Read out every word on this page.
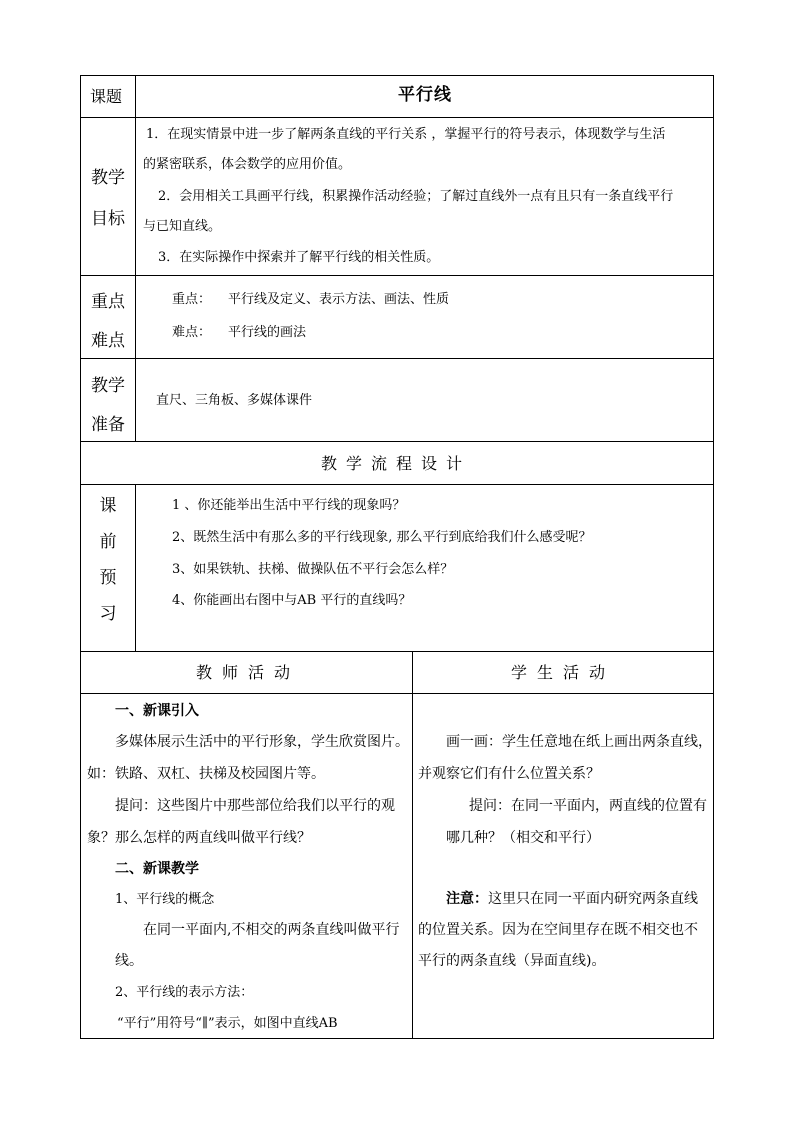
课题	平行线
教学
目标
1．在现实情景中进一步了解两条直线的平行关系 ，掌握平行的符号表示，体现数学与生活
的紧密联系，体会数学的应用价值。
2．会用相关工具画平行线，积累操作活动经验；了解过直线外一点有且只有一条直线平行
与已知直线。
3．在实际操作中探索并了解平行线的相关性质。
重点
难点
重点： 平行线及定义、表示方法、画法、性质
难点： 平行线的画法
教学
准备
直尺、三角板、多媒体课件
教学流程设计
课
前
预
习
1 、你还能举出生活中平行线的现象吗？
2、既然生活中有那么多的平行线现象, 那么平行到底给我们什么感受呢？
3、如果铁轨、扶梯、做操队伍不平行会怎么样？
4、你能画出右图中与AB 平行的直线吗？
教师活动	学生活动
一、新课引入
多媒体展示生活中的平行形象，学生欣赏图片。
如：铁路、双杠、扶梯及校园图片等。
提问：这些图片中那些部位给我们以平行的观
象？那么怎样的两直线叫做平行线？
二、新课教学
1、平行线的概念
在同一平面内,不相交的两条直线叫做平行
线。
2、平行线的表示方法：
“平行”用符号“∥”表示，如图中直线AB
画一画：学生任意地在纸上画出两条直线，
并观察它们有什么位置关系？
提问：在同一平面内，两直线的位置有
哪几种？（相交和平行）
注意： 这里只在同一平面内研究两条直线
的位置关系。因为在空间里存在既不相交也不
平行的两条直线（异面直线)。
